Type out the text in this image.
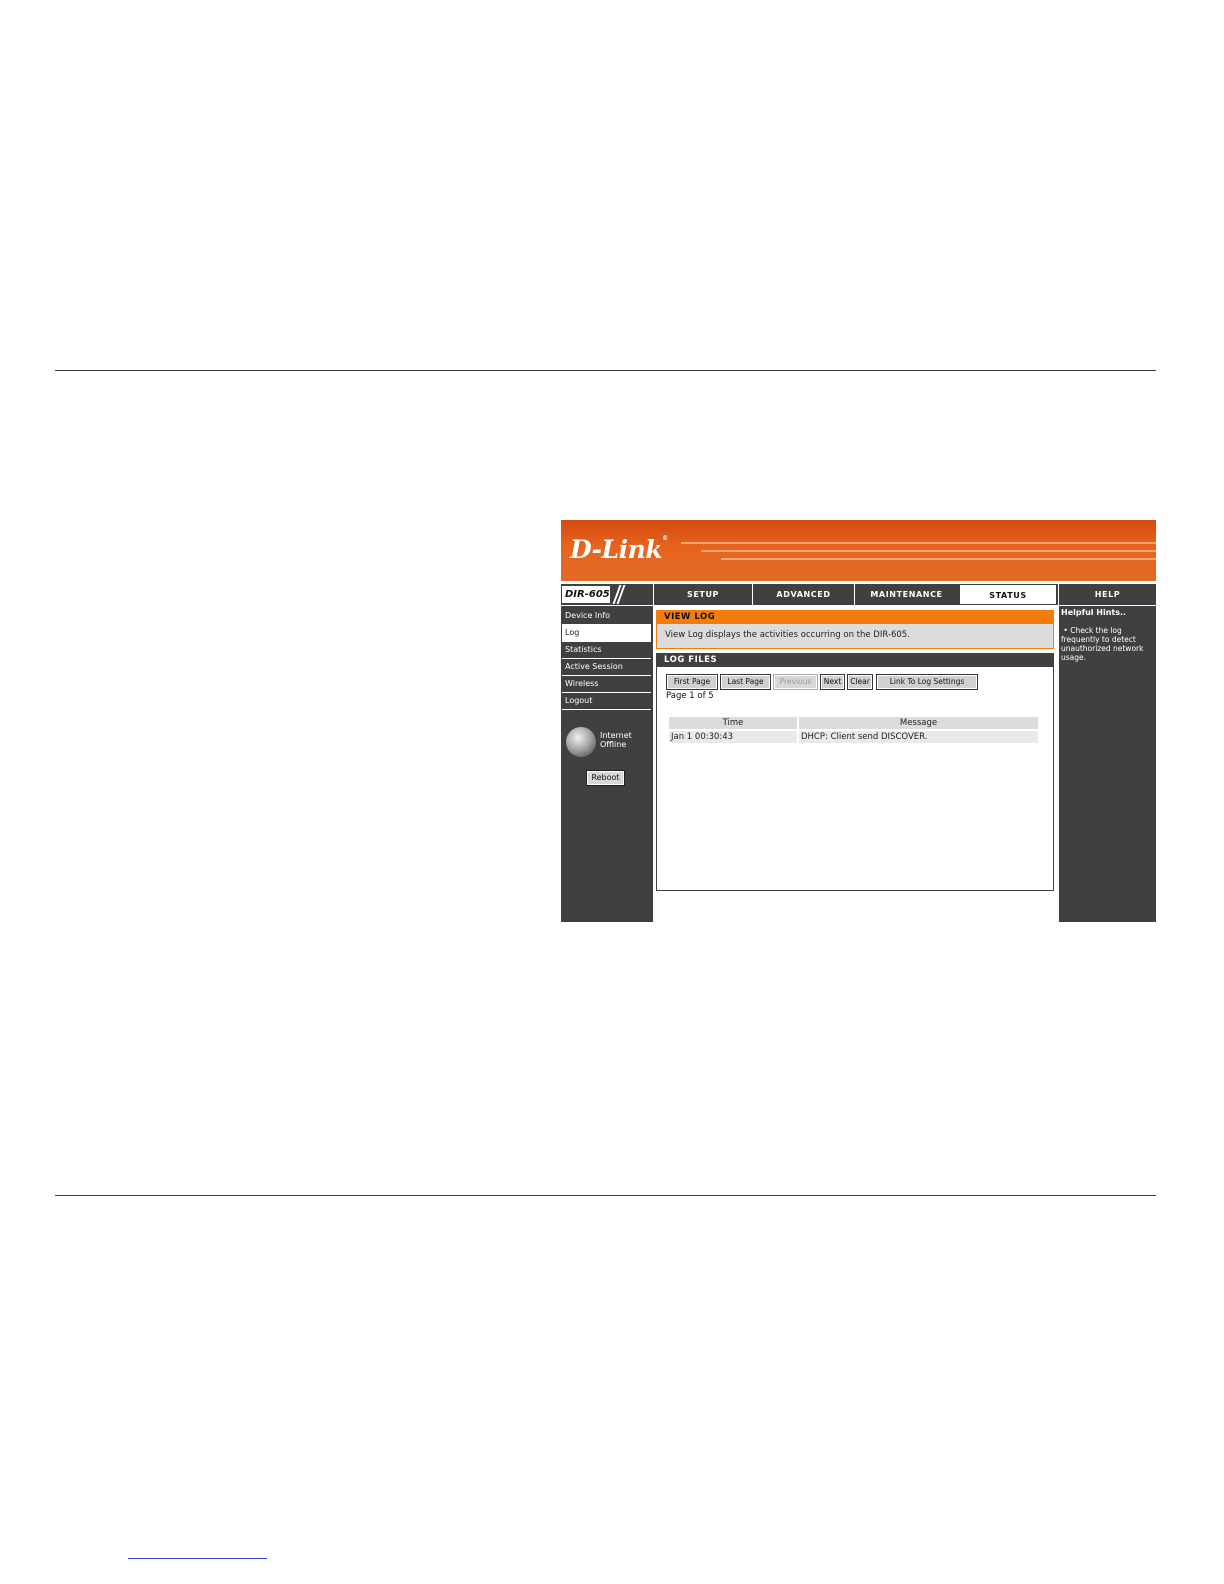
D-Link®
DIR-605	SETUP	ADVANCED	MAINTENANCE	STATUS	HELP
Device Info
Log
Statistics
Active Session
Wireless
Logout
Internet
Offline
Reboot
VIEW LOG
View Log displays the activities occurring on the DIR-605.
LOG FILES
First Page	Last Page	Previous	Next	Clear	Link To Log Settings
Page 1 of 5
Time	Message
Jan 1 00:30:43	DHCP: Client send DISCOVER.
Helpful Hints..
• Check the log frequently to detect unauthorized network usage.
